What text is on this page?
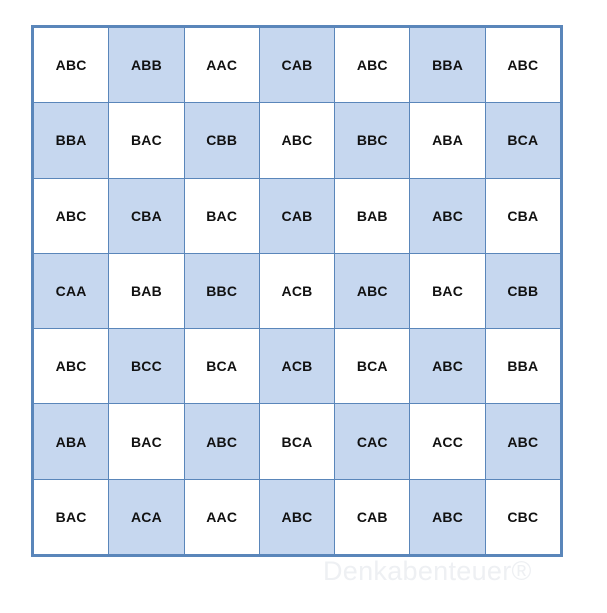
ABC	ABB	AAC	CAB	ABC	BBA	ABC
BBA	BAC	CBB	ABC	BBC	ABA	BCA
ABC	CBA	BAC	CAB	BAB	ABC	CBA
CAA	BAB	BBC	ACB	ABC	BAC	CBB
ABC	BCC	BCA	ACB	BCA	ABC	BBA
ABA	BAC	ABC	BCA	CAC	ACC	ABC
BAC	ACA	AAC	ABC	CAB	ABC	CBC
Denkabenteuer®
